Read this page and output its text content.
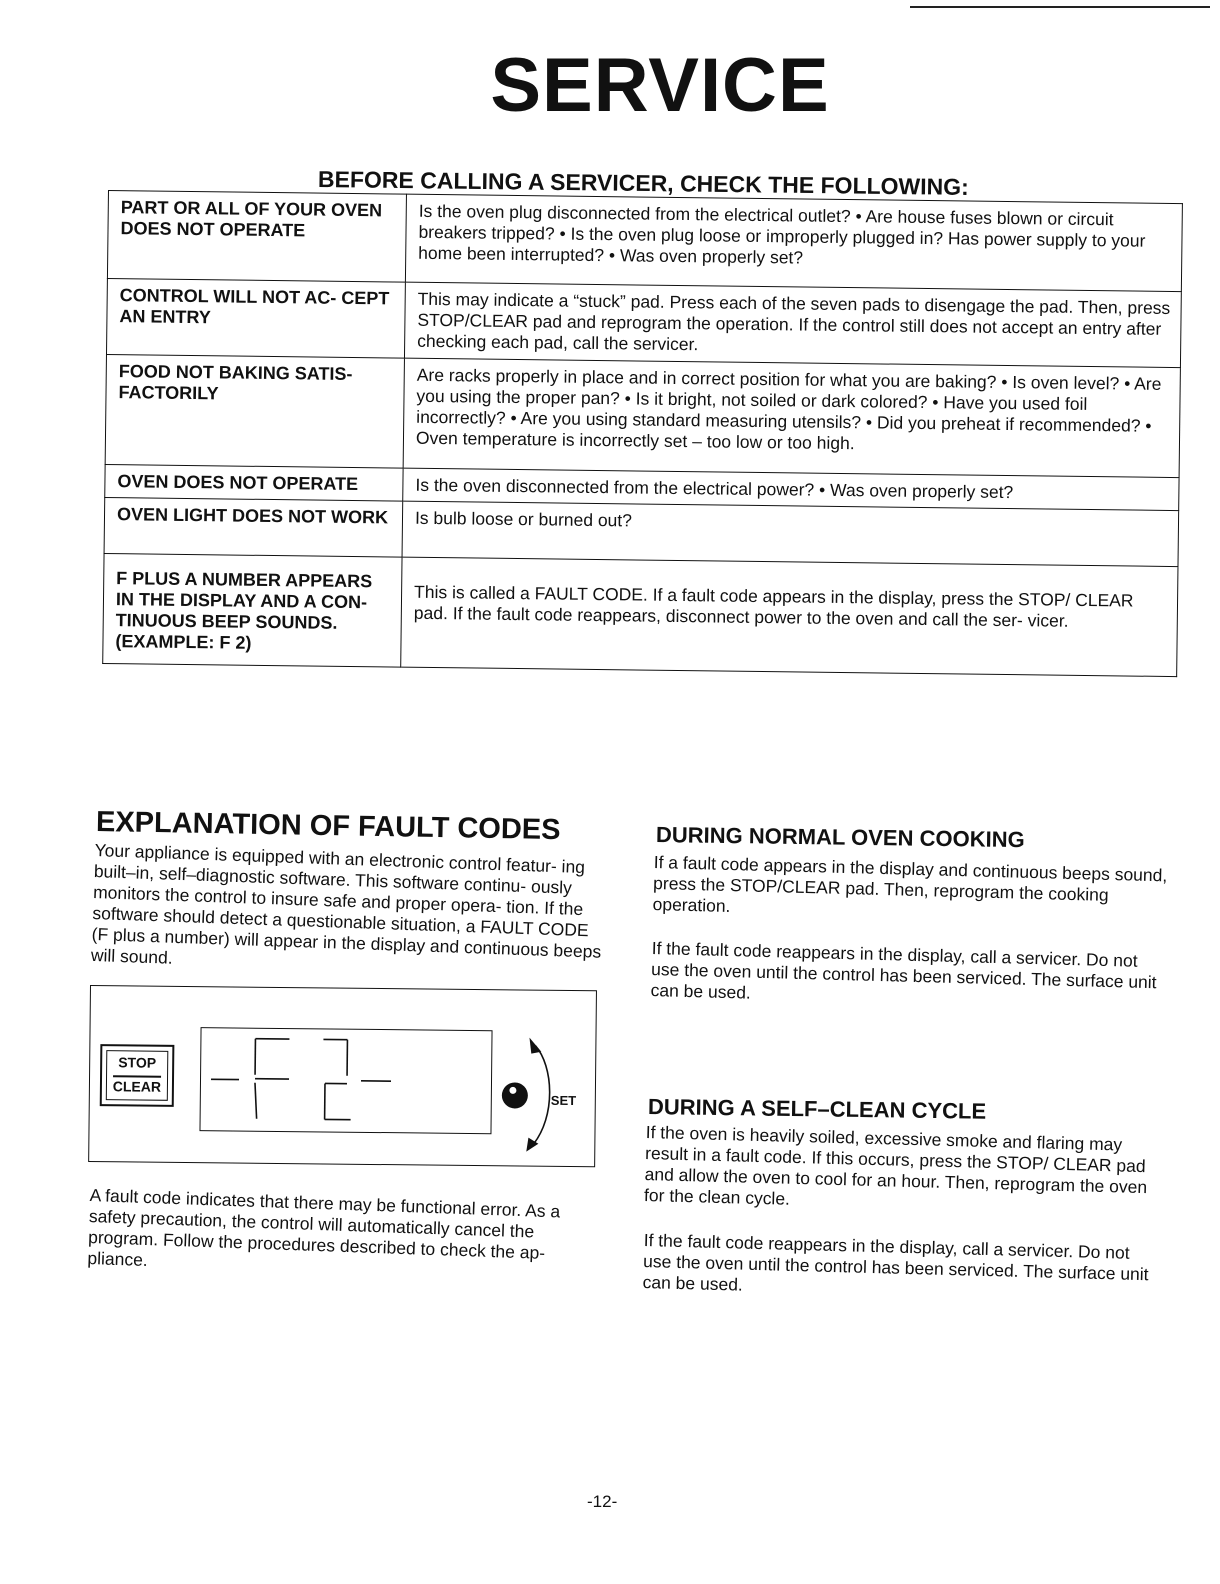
SERVICE
BEFORE CALLING A SERVICER, CHECK THE FOLLOWING:
PART OR ALL OF YOUR OVEN DOES NOT OPERATE	Is the oven plug disconnected from the electrical outlet? • Are house fuses blown or circuit breakers tripped? • Is the oven plug loose or improperly plugged in? Has power supply to your home been interrupted? • Was oven properly set?
CONTROL WILL NOT AC- CEPT AN ENTRY	This may indicate a “stuck” pad. Press each of the seven pads to disengage the pad. Then, press STOP/CLEAR pad and reprogram the operation. If the control still does not accept an entry after checking each pad, call the servicer.
FOOD NOT BAKING SATIS- FACTORILY	Are racks properly in place and in correct position for what you are baking? • Is oven level? • Are you using the proper pan? • Is it bright, not soiled or dark colored? • Have you used foil incorrectly? • Are you using standard measuring utensils? • Did you preheat if recommended? • Oven temperature is incorrectly set – too low or too high.
OVEN DOES NOT OPERATE	Is the oven disconnected from the electrical power? • Was oven properly set?
OVEN LIGHT DOES NOT WORK	Is bulb loose or burned out?
F PLUS A NUMBER APPEARS IN THE DISPLAY AND A CON- TINUOUS BEEP SOUNDS. (EXAMPLE: F 2)	This is called a FAULT CODE. If a fault code appears in the display, press the STOP/ CLEAR pad. If the fault code reappears, disconnect power to the oven and call the ser- vicer.
EXPLANATION OF FAULT CODES
Your appliance is equipped with an electronic control featur- ing built–in, self–diagnostic software. This software continu- ously monitors the control to insure safe and proper opera- tion. If the software should detect a questionable situation, a FAULT CODE (F plus a number) will appear in the display and continuous beeps will sound.
STOP
CLEAR
SET
A fault code indicates that there may be functional error. As a safety precaution, the control will automatically cancel the program. Follow the procedures described to check the ap- pliance.
DURING NORMAL OVEN COOKING
If a fault code appears in the display and continuous beeps sound, press the STOP/CLEAR pad. Then, reprogram the cooking operation.
If the fault code reappears in the display, call a servicer. Do not use the oven until the control has been serviced. The surface unit can be used.
DURING A SELF–CLEAN CYCLE
If the oven is heavily soiled, excessive smoke and flaring may result in a fault code. If this occurs, press the STOP/ CLEAR pad and allow the oven to cool for an hour. Then, reprogram the oven for the clean cycle.
If the fault code reappears in the display, call a servicer. Do not use the oven until the control has been serviced. The surface unit can be used.
-12-
